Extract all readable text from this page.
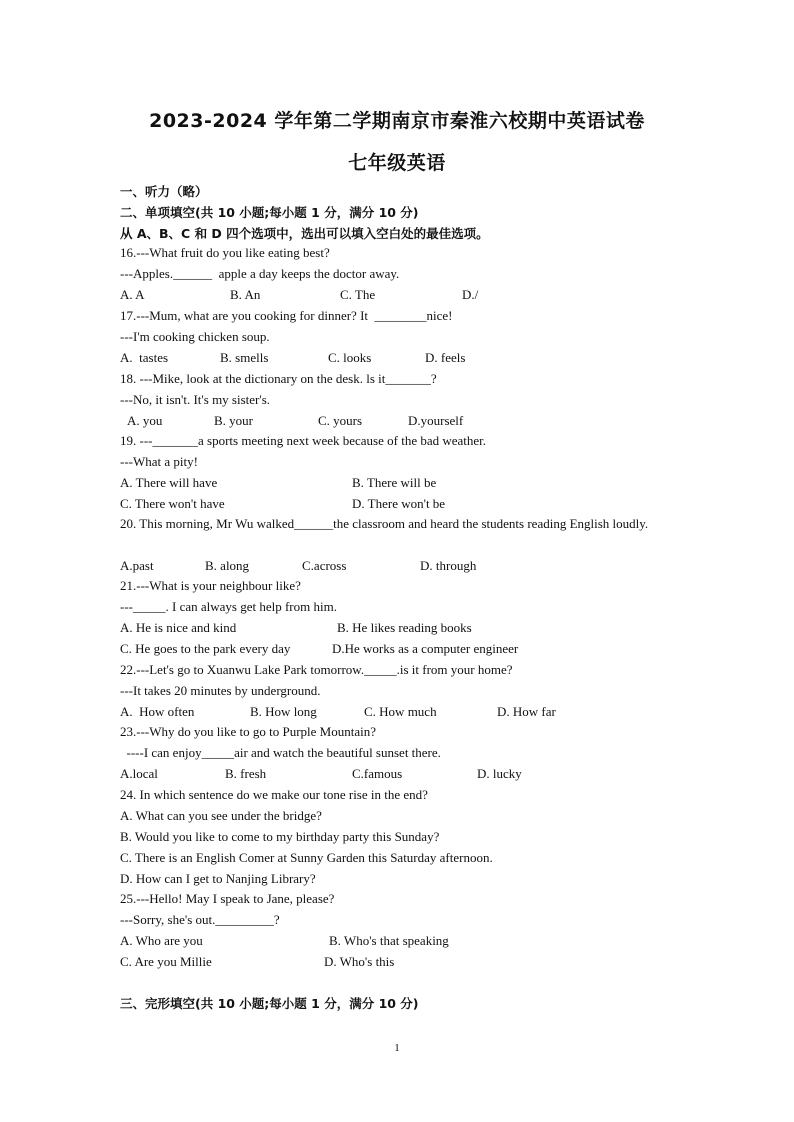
2023-2024 学年第二学期南京市秦淮六校期中英语试卷
七年级英语
一、听力（略）
二、单项填空(共 10 小题;每小题 1 分，满分 10 分)
从 A、B、C 和 D 四个选项中，选出可以填入空白处的最佳选项。
16.---What fruit do you like eating best?
---Apples.______  apple a day keeps the doctor away.
A. A	B. An	C. The	D./
17.---Mum, what are you cooking for dinner? It  ________nice!
---I'm cooking chicken soup.
A.  tastes	B. smells	C. looks	D. feels
18. ---Mike, look at the dictionary on the desk. ls it_______?
---No, it isn't. It's my sister's.
A. you	B. your	C. yours	D.yourself
19. ---_______a sports meeting next week because of the bad weather.
---What a pity!
A. There will have	B. There will be
C. There won't have	D. There won't be
20. This morning, Mr Wu walked______the classroom and heard the students reading English loudly.
A.past	B. along	C.across	D. through
21.---What is your neighbour like?
---_____. I can always get help from him.
A. He is nice and kind	B. He likes reading books
C. He goes to the park every day	D.He works as a computer engineer
22.---Let's go to Xuanwu Lake Park tomorrow._____.is it from your home?
---It takes 20 minutes by underground.
A.  How often	B. How long	C. How much	D. How far
23.---Why do you like to go to Purple Mountain?
----I can enjoy_____air and watch the beautiful sunset there.
A.local	B. fresh	C.famous	D. lucky
24. In which sentence do we make our tone rise in the end?
A. What can you see under the bridge?
B. Would you like to come to my birthday party this Sunday?
C. There is an English Comer at Sunny Garden this Saturday afternoon.
D. How can I get to Nanjing Library?
25.---Hello! May I speak to Jane, please?
---Sorry, she's out._________?
A. Who are you	B. Who's that speaking
C. Are you Millie	D. Who's this
三、完形填空(共 10 小题;每小题 1 分，满分 10 分)
1
